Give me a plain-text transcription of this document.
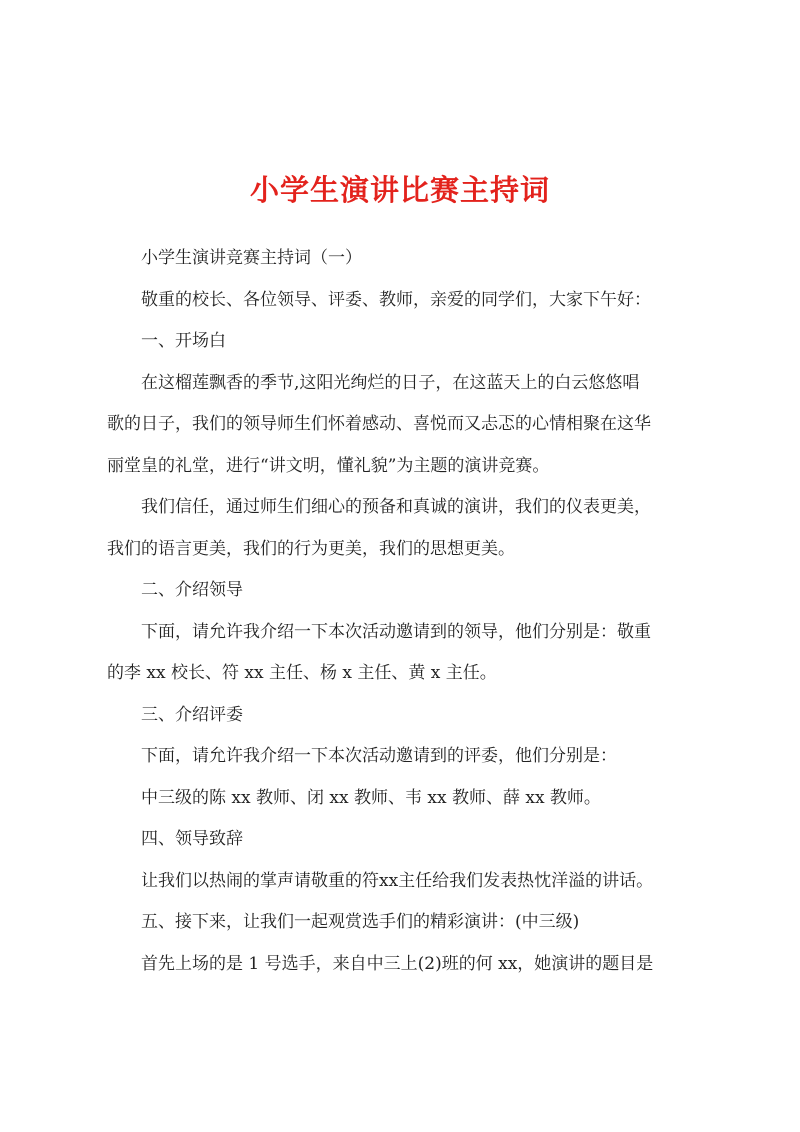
小学生演讲比赛主持词

小学生演讲竞赛主持词（一）

敬重的校长、各位领导、评委、教师，亲爱的同学们，大家下午好：

一、开场白

在这榴莲飘香的季节,这阳光绚烂的日子，在这蓝天上的白云悠悠唱

歌的日子，我们的领导师生们怀着感动、喜悦而又忐忑的心情相聚在这华

丽堂皇的礼堂，进行“讲文明，懂礼貌”为主题的演讲竞赛。

我们信任，通过师生们细心的预备和真诚的演讲，我们的仪表更美，

我们的语言更美，我们的行为更美，我们的思想更美。

二、介绍领导

下面，请允许我介绍一下本次活动邀请到的领导，他们分别是：敬重

的李 xx 校长、符 xx 主任、杨 x 主任、黄 x 主任。

三、介绍评委

下面，请允许我介绍一下本次活动邀请到的评委，他们分别是：

中三级的陈 xx 教师、闭 xx 教师、韦 xx 教师、薛 xx 教师。

四、领导致辞

让我们以热闹的掌声请敬重的符xx主任给我们发表热忱洋溢的讲话。

五、接下来，让我们一起观赏选手们的精彩演讲：(中三级)

首先上场的是 1 号选手，来自中三上(2)班的何 xx，她演讲的题目是
